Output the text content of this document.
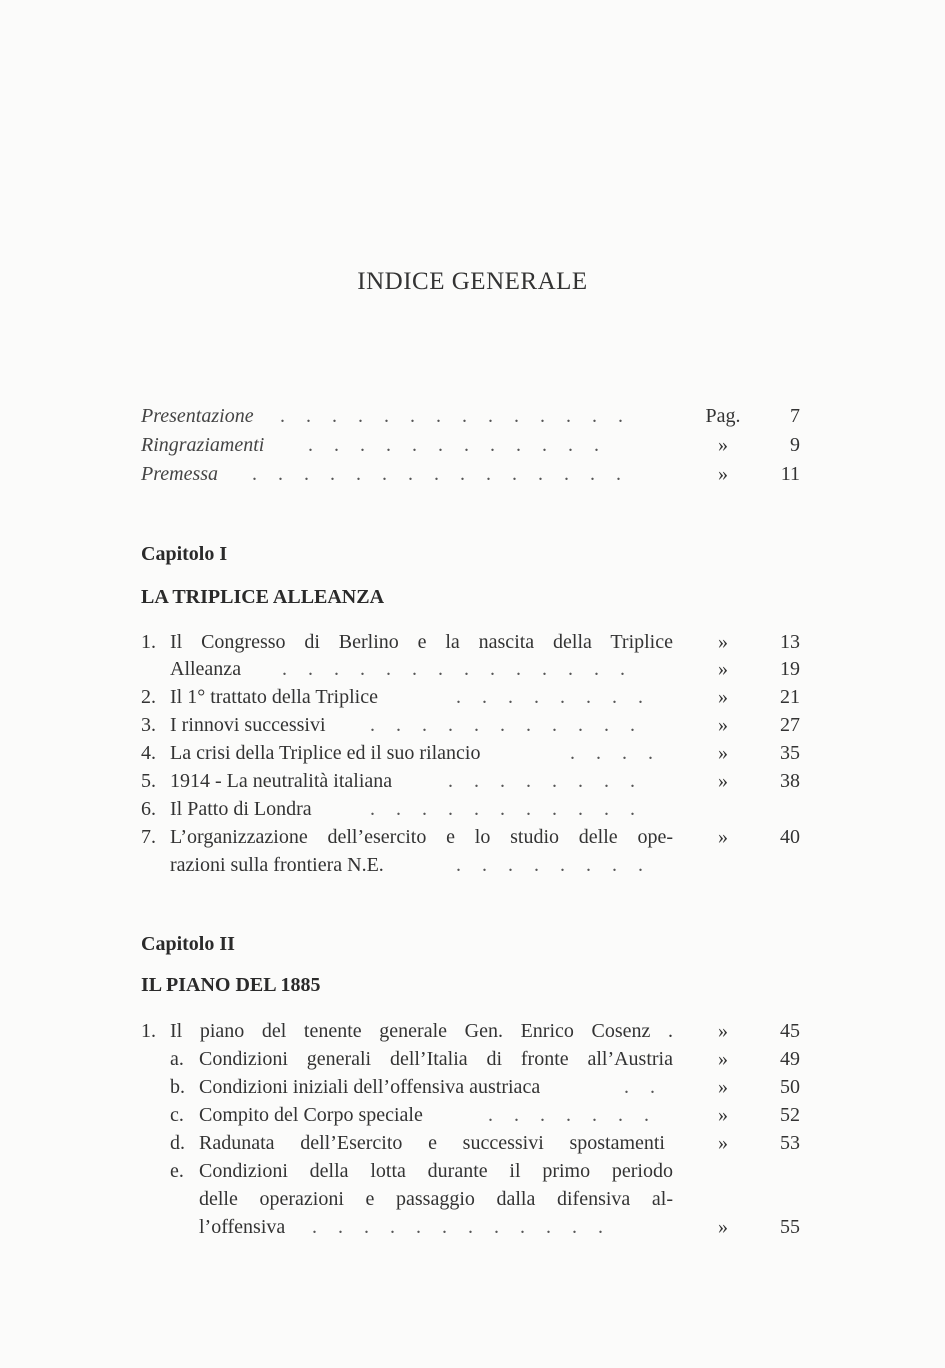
INDICE GENERALE
Presentazione . . . . . . . . . . . . . .	Pag.	7
Ringraziamenti . . . . . . . . . . . .	»	9
Premessa . . . . . . . . . . . . . . .	»	11
Capitolo I
LA TRIPLICE ALLEANZA
1. Il Congresso di Berlino e la nascita della Triplice	»	13
Alleanza . . . . . . . . . . . . . .	»	19
2. Il 1° trattato della Triplice	. . . . . . . .	»	21
3. I rinnovi successivi . . . . . . . . . . .	»	27
4. La crisi della Triplice ed il suo rilancio	. . . .	»	35
5. 1914 - La neutralità italiana	. . . . . . . .	»	38
6. Il Patto di Londra	. . . . . . . . . . .
7. L’organizzazione dell’esercito e lo studio delle ope-	»	40
razioni sulla frontiera N.E.	. . . . . . . .
Capitolo II
IL PIANO DEL 1885
1. Il piano del tenente generale Gen. Enrico Cosenz .	»	45
a. Condizioni generali dell’Italia di fronte all’Austria	»	49
b. Condizioni iniziali dell’offensiva austriaca	. .	»	50
c. Compito del Corpo speciale	. . . . . . .	»	52
d. Radunata dell’Esercito e successivi spostamenti	»	53
e. Condizioni della lotta durante il primo periodo
delle operazioni e passaggio dalla difensiva al-
l’offensiva . . . . . . . . . . . .	»	55
